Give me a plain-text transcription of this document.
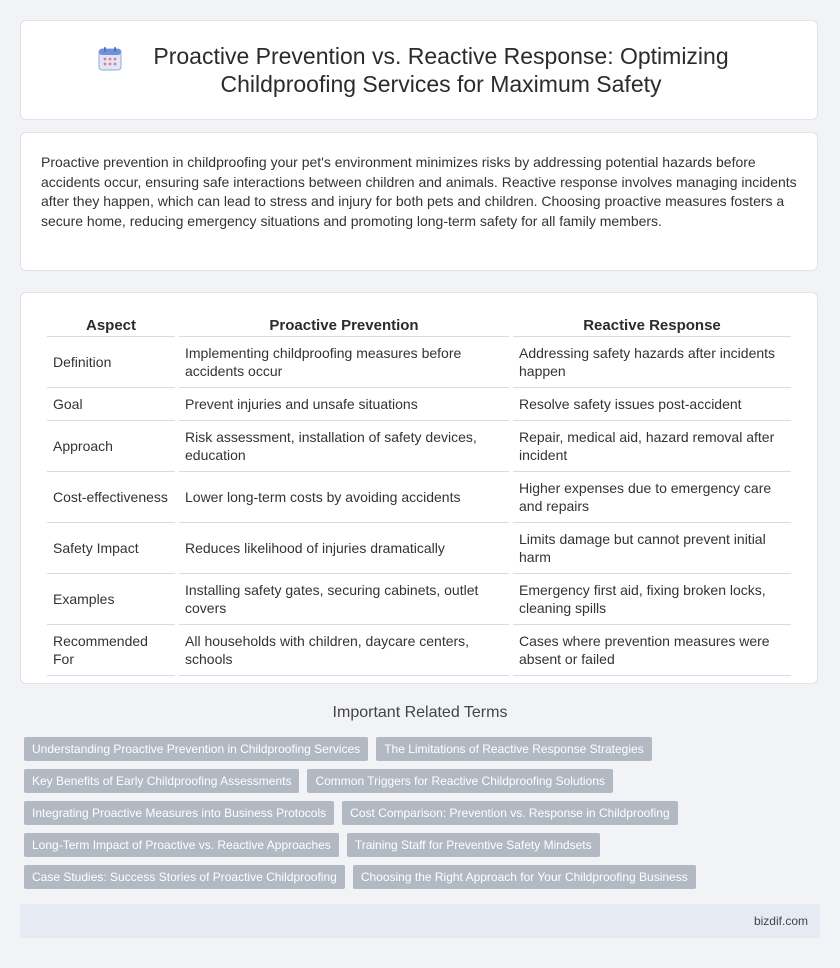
Proactive Prevention vs. Reactive Response: Optimizing Childproofing Services for Maximum Safety

Proactive prevention in childproofing your pet's environment minimizes risks by addressing potential hazards before accidents occur, ensuring safe interactions between children and animals. Reactive response involves managing incidents after they happen, which can lead to stress and injury for both pets and children. Choosing proactive measures fosters a secure home, reducing emergency situations and promoting long-term safety for all family members.

Aspect	Proactive Prevention	Reactive Response
Definition	Implementing childproofing measures before accidents occur	Addressing safety hazards after incidents happen
Goal	Prevent injuries and unsafe situations	Resolve safety issues post-accident
Approach	Risk assessment, installation of safety devices, education	Repair, medical aid, hazard removal after incident
Cost-effectiveness	Lower long-term costs by avoiding accidents	Higher expenses due to emergency care and repairs
Safety Impact	Reduces likelihood of injuries dramatically	Limits damage but cannot prevent initial harm
Examples	Installing safety gates, securing cabinets, outlet covers	Emergency first aid, fixing broken locks, cleaning spills
Recommended For	All households with children, daycare centers, schools	Cases where prevention measures were absent or failed
Important Related Terms
Understanding Proactive Prevention in Childproofing Services	The Limitations of Reactive Response Strategies
Key Benefits of Early Childproofing Assessments	Common Triggers for Reactive Childproofing Solutions
Integrating Proactive Measures into Business Protocols	Cost Comparison: Prevention vs. Response in Childproofing
Long-Term Impact of Proactive vs. Reactive Approaches	Training Staff for Preventive Safety Mindsets
Case Studies: Success Stories of Proactive Childproofing	Choosing the Right Approach for Your Childproofing Business
bizdif.com
